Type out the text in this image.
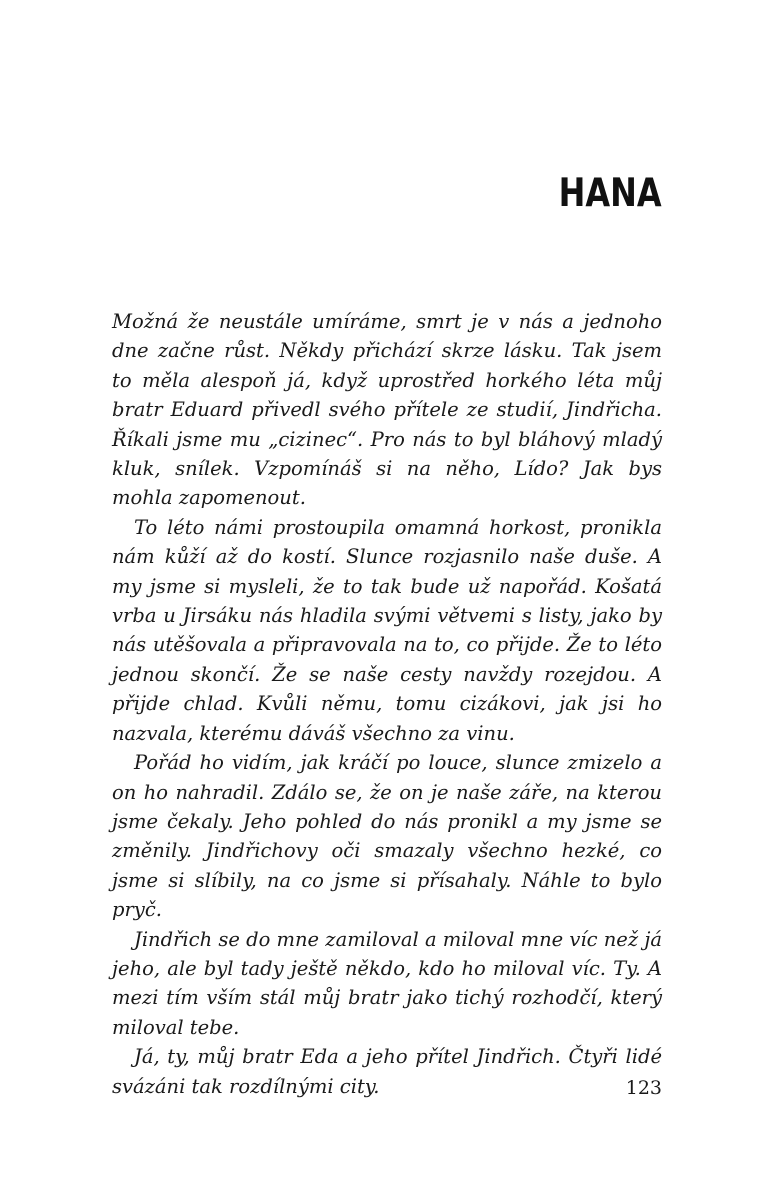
HANA

Možná že neustále umíráme, smrt je v nás a jednoho dne začne růst. Někdy přichází skrze lásku. Tak jsem to měla alespoň já, když uprostřed horkého léta můj bratr Eduard přivedl svého přítele ze studií, Jindřicha. Říkali jsme mu „cizinec“. Pro nás to byl bláhový mladý kluk, snílek. Vzpomínáš si na něho, Lído? Jak bys mohla zapomenout.

To léto námi prostoupila omamná horkost, pronikla nám kůží až do kostí. Slunce rozjasnilo naše duše. A my jsme si mysleli, že to tak bude už napořád. Košatá vrba u Jirsáku nás hladila svými větvemi s listy, jako by nás utěšovala a připravovala na to, co přijde. Že to léto jednou skončí. Že se naše cesty navždy rozejdou. A přijde chlad. Kvůli němu, tomu cizákovi, jak jsi ho nazvala, kterému dáváš všechno za vinu.

Pořád ho vidím, jak kráčí po louce, slunce zmizelo a on ho nahradil. Zdálo se, že on je naše záře, na kterou jsme čekaly. Jeho pohled do nás pronikl a my jsme se změnily. Jindřichovy oči smazaly všechno hezké, co jsme si slíbily, na co jsme si přísahaly. Náhle to bylo pryč.

Jindřich se do mne zamiloval a miloval mne víc než já jeho, ale byl tady ještě někdo, kdo ho miloval víc. Ty. A mezi tím vším stál můj bratr jako tichý rozhodčí, který miloval tebe.

Já, ty, můj bratr Eda a jeho přítel Jindřich. Čtyři lidé svázáni tak rozdílnými city.	123
